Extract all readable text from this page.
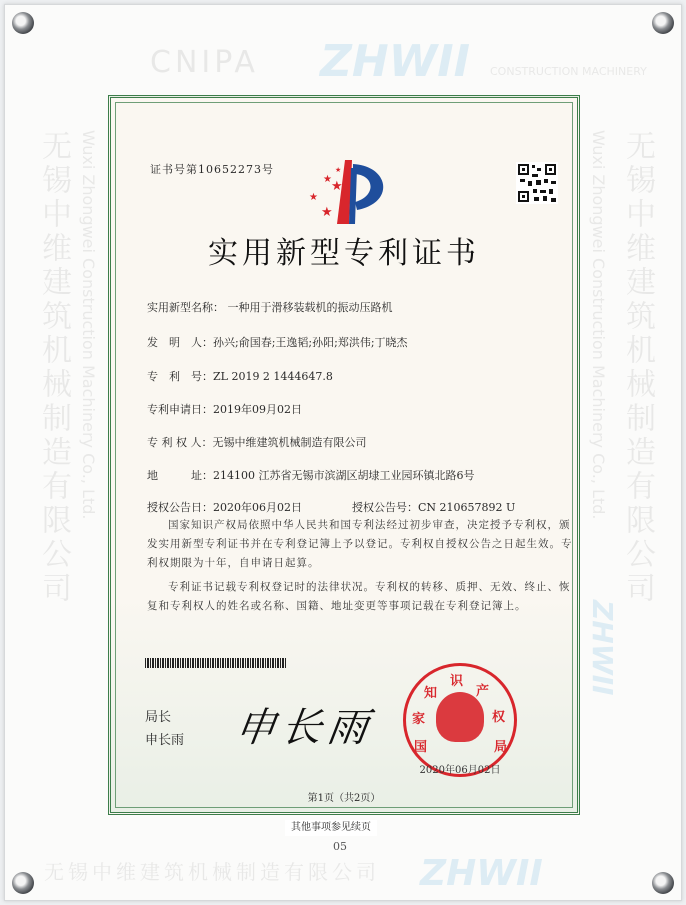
证书号第10652273号
★ ★
★
★
★
实用新型专利证书
实用新型名称： 一种用于滑移装载机的振动压路机
发　明　人：孙兴;俞国春;王逸韬;孙阳;郑洪伟;丁晓杰
专　利　号：ZL 2019 2 1444647.8
专利申请日：2019年09月02日
专 利 权 人：无锡中维建筑机械制造有限公司
地　　　址：214100 江苏省无锡市滨湖区胡埭工业园环镇北路6号
授权公告日：2020年06月02日	授权公告号：CN 210657892 U
国家知识产权局依照中华人民共和国专利法经过初步审查，决定授予专利权，颁发实用新型专利证书并在专利登记簿上予以登记。专利权自授权公告之日起生效。专利权期限为十年，自申请日起算。
专利证书记载专利权登记时的法律状况。专利权的转移、质押、无效、终止、恢复和专利权人的姓名或名称、国籍、地址变更等事项记载在专利登记簿上。
局长
申长雨 申长雨	国
家
知
识
产
权
局
2020年06月02日
第1页（共2页）
其他事项参见续页
05
